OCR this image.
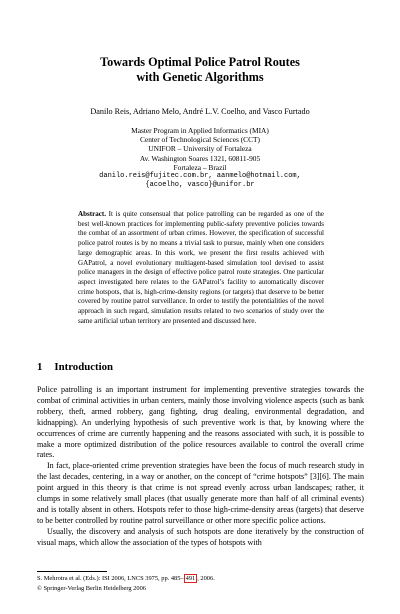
Towards Optimal Police Patrol Routes
with Genetic Algorithms
Danilo Reis, Adriano Melo, André L.V. Coelho, and Vasco Furtado
Master Program in Applied Informatics (MIA)
Center of Technological Sciences (CCT)
UNIFOR – University of Fortaleza
Av. Washington Soares 1321, 60811-905
Fortaleza – Brazil
danilo.reis@fujitec.com.br, aanmelo@hotmail.com,
{acoelho, vasco}@unifor.br
Abstract. It is quite consensual that police patrolling can be regarded as one of the best well-known practices for implementing public-safety preventive policies towards the combat of an assortment of urban crimes. However, the specification of successful police patrol routes is by no means a trivial task to pursue, mainly when one considers large demographic areas. In this work, we present the first results achieved with GAPatrol, a novel evolutionary multiagent-based simulation tool devised to assist police managers in the design of effective police patrol route strategies. One particular aspect investigated here relates to the GAPatrol’s facility to automatically discover crime hotspots, that is, high-crime-density regions (or targets) that deserve to be better covered by routine patrol surveillance. In order to testify the potentialities of the novel approach in such regard, simulation results related to two scenarios of study over the same artificial urban territory are presented and discussed here.
1 Introduction

Police patrolling is an important instrument for implementing preventive strategies towards the combat of criminal activities in urban centers, mainly those involving violence aspects (such as bank robbery, theft, armed robbery, gang fighting, drug dealing, environmental degradation, and kidnapping). An underlying hypothesis of such preventive work is that, by knowing where the occurrences of crime are currently happening and the reasons associated with such, it is possible to make a more optimized distribution of the police resources available to control the overall crime rates.

In fact, place-oriented crime prevention strategies have been the focus of much research study in the last decades, centering, in a way or another, on the concept of “crime hotspots” [3][6]. The main point argued in this theory is that crime is not spread evenly across urban landscapes; rather, it clumps in some relatively small places (that usually generate more than half of all criminal events) and is totally absent in others. Hotspots refer to those high-crime-density areas (targets) that deserve to be better controlled by routine patrol surveillance or other more specific police actions.

Usually, the discovery and analysis of such hotspots are done iteratively by the construction of visual maps, which allow the association of the types of hotspots with

S. Mehrotra et al. (Eds.): ISI 2006, LNCS 3975, pp. 485– 491 , 2006.
© Springer-Verlag Berlin Heidelberg 2006
